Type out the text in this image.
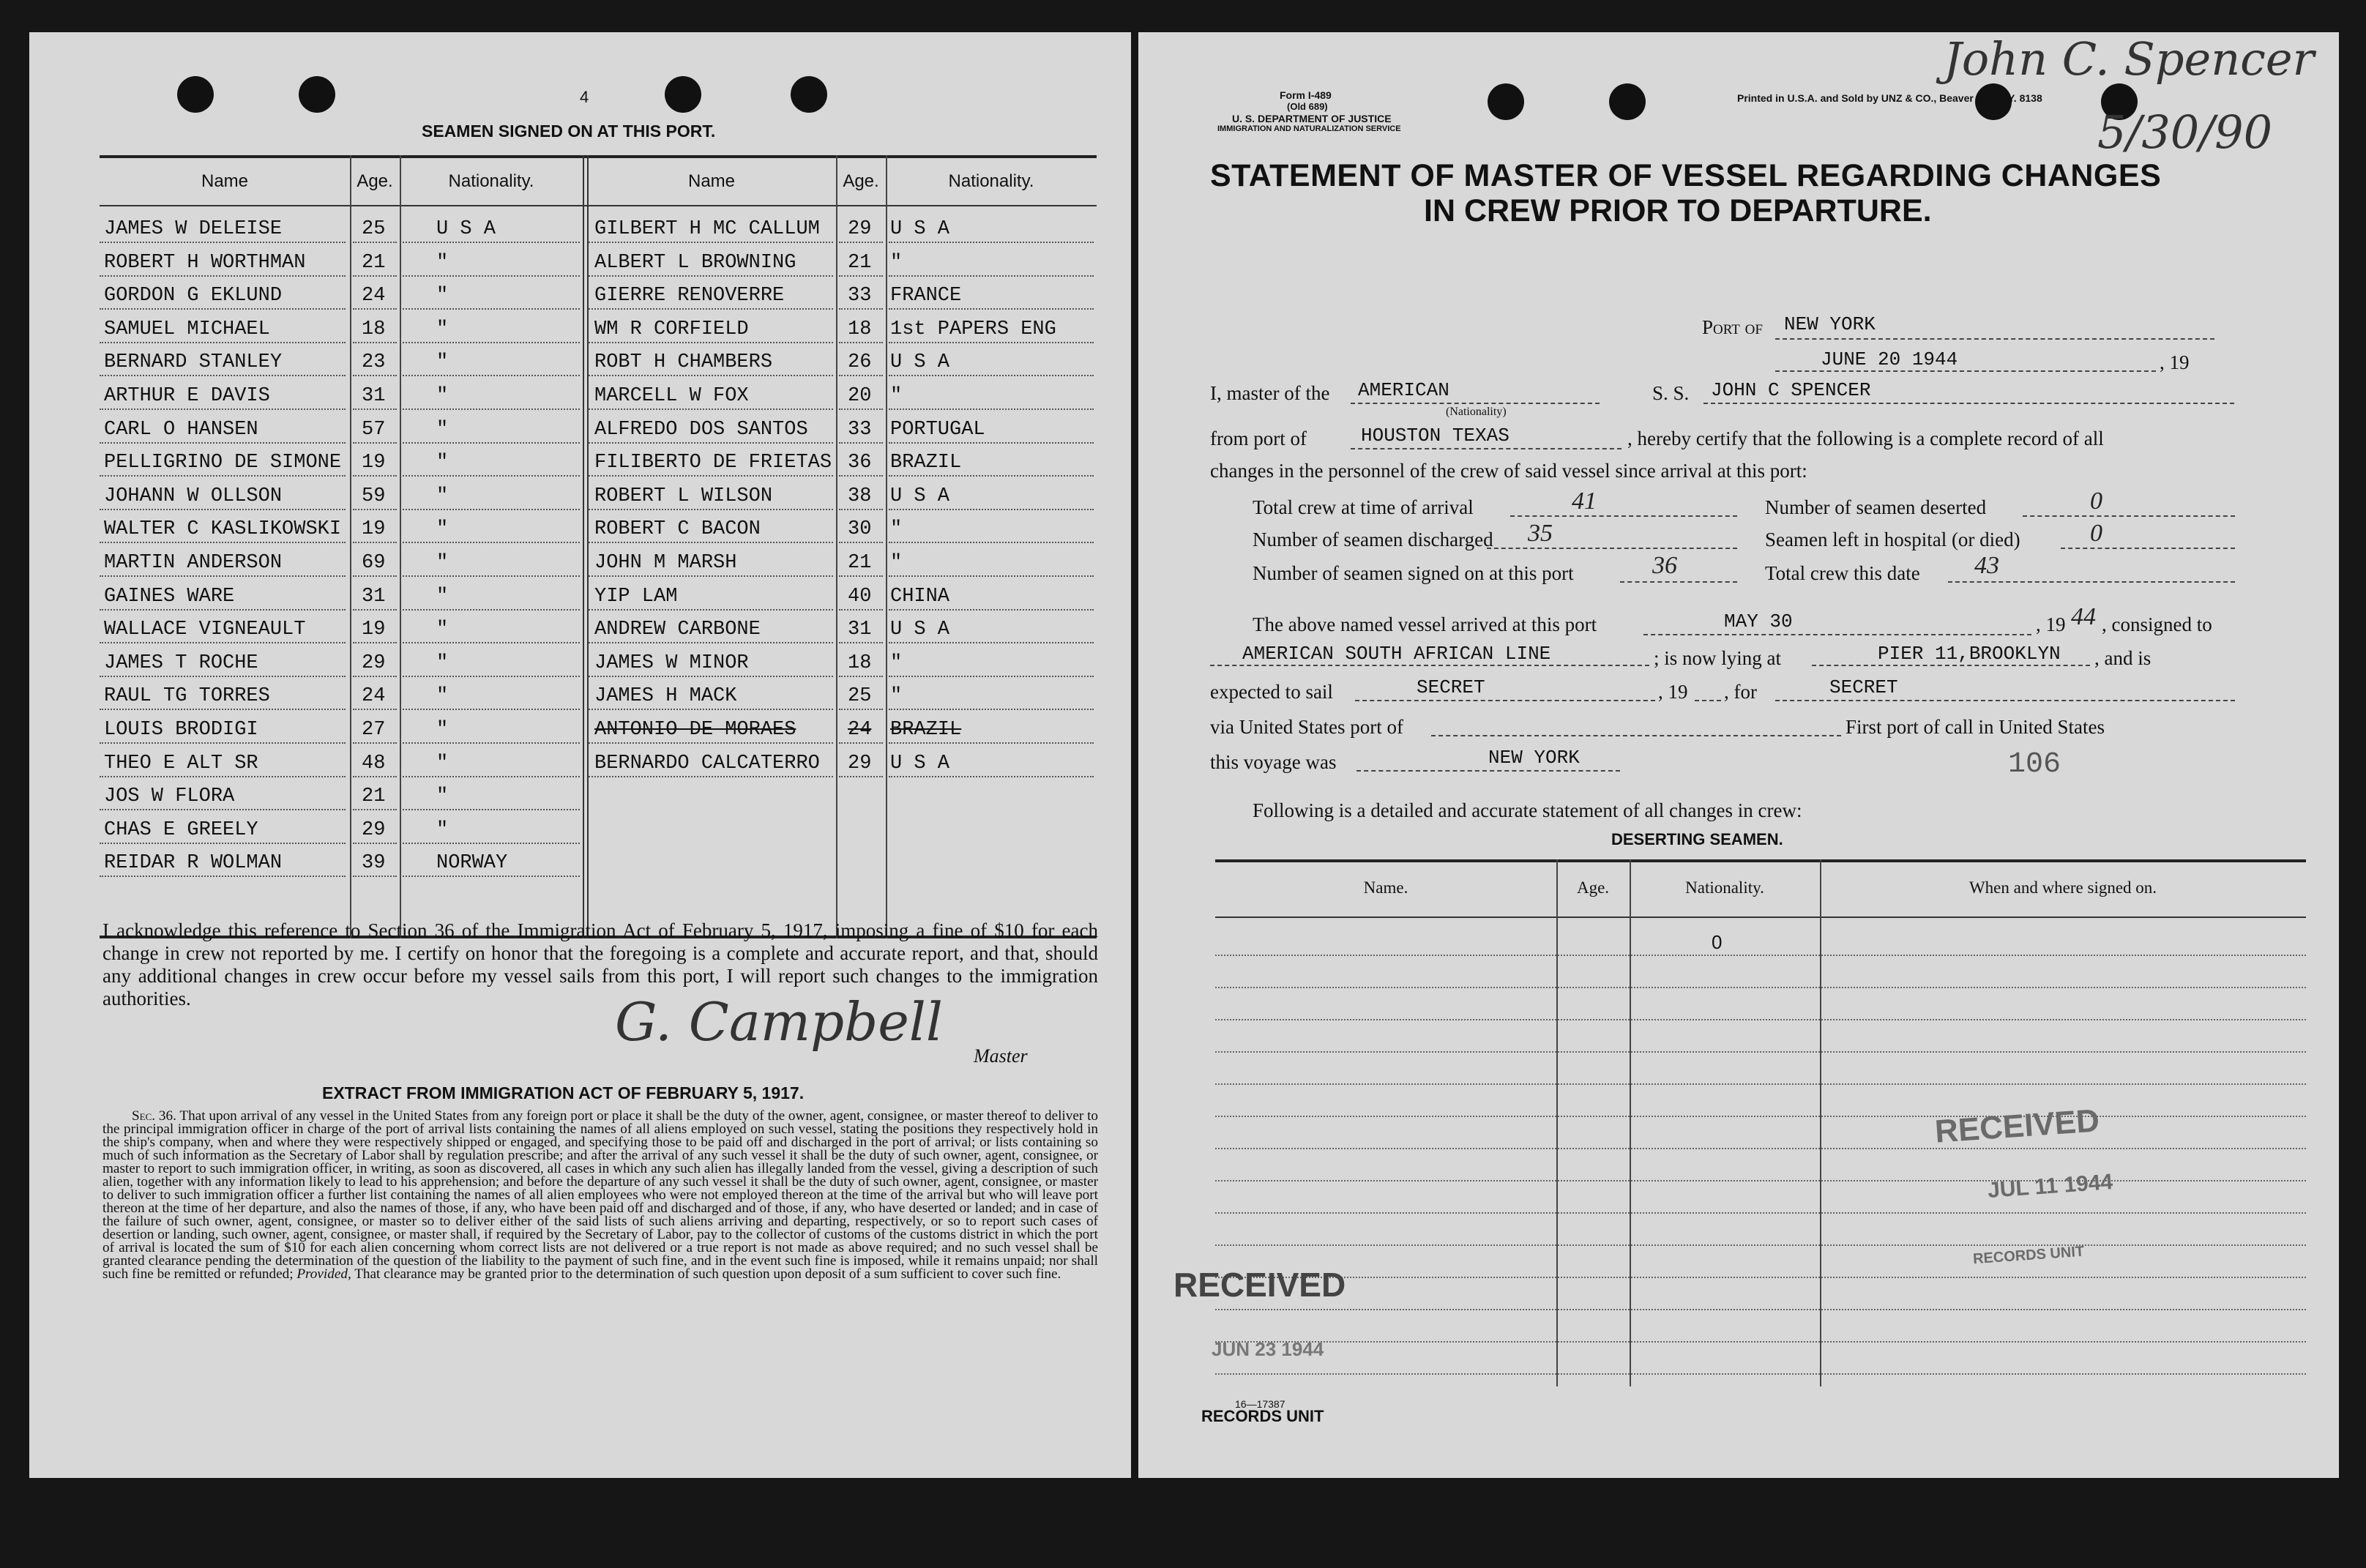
4
SEAMEN SIGNED ON AT THIS PORT.
Name	Age.	Nationality.	Name	Age.	Nationality.
JAMES W DELEISE	25	U S A
ROBERT H WORTHMAN	21	"
GORDON G EKLUND	24	"
SAMUEL MICHAEL	18	"
BERNARD STANLEY	23	"
ARTHUR E DAVIS	31	"
CARL O HANSEN	57	"
PELLIGRINO DE SIMONE 19	"
JOHANN W OLLSON	59	"
WALTER C KASLIKOWSKI 19	"
MARTIN ANDERSON	69	"
GAINES WARE	31	"
WALLACE VIGNEAULT	19	"
JAMES T ROCHE	29	"
RAUL TG TORRES	24	"
LOUIS BRODIGI	27	"
THEO E ALT SR	48	"
JOS W FLORA	21	"
CHAS E GREELY	29	"
REIDAR R WOLMAN	39	NORWAY
GILBERT H MC CALLUM 29 U S A
ALBERT L BROWNING	21 "
GIERRE RENOVERRE	33 FRANCE
WM R CORFIELD	18 1st PAPERS ENG
ROBT H CHAMBERS	26 U S A
MARCELL W FOX	20 "
ALFREDO DOS SANTOS 33 PORTUGAL
FILIBERTO DE FRIETAS 36 BRAZIL
ROBERT L WILSON	38 U S A
ROBERT C BACON	30 "
JOHN M MARSH	21 "
YIP LAM	40 CHINA
ANDREW CARBONE	31 U S A
JAMES W MINOR	18 "
JAMES H MACK	25 "
ANTONIO DE MORAES	24 BRAZIL
BERNARDO CALCATERRO 29 U S A
I acknowledge this reference to Section 36 of the Immigration Act of February 5, 1917, imposing a fine of $10 for each change in crew not reported by me. I certify on honor that the foregoing is a complete and accurate report, and that, should any additional changes in crew occur before my vessel sails from this port, I will report such changes to the immigration authorities.	G. Campbell
Master
EXTRACT FROM IMMIGRATION ACT OF FEBRUARY 5, 1917.
Sec. 36. That upon arrival of any vessel in the United States from any foreign port or place it shall be the duty of the owner, agent, consignee, or master thereof to deliver to the principal immigration officer in charge of the port of arrival lists containing the names of all aliens employed on such vessel, stating the positions they respectively hold in the ship's company, when and where they were respectively shipped or engaged, and specifying those to be paid off and discharged in the port of arrival; or lists containing so much of such information as the Secretary of Labor shall by regulation prescribe; and after the arrival of any such vessel it shall be the duty of such owner, agent, consignee, or master to report to such immigration officer, in writing, as soon as discovered, all cases in which any such alien has illegally landed from the vessel, giving a description of such alien, together with any information likely to lead to his apprehension; and before the departure of any such vessel it shall be the duty of such owner, agent, consignee, or master to deliver to such immigration officer a further list containing the names of all alien employees who were not employed thereon at the time of the arrival but who will leave port thereon at the time of her departure, and also the names of those, if any, who have been paid off and discharged and of those, if any, who have deserted or landed; and in case of the failure of such owner, agent, consignee, or master so to deliver either of the said lists of such aliens arriving and departing, respectively, or so to report such cases of desertion or landing, such owner, agent, consignee, or master shall, if required by the Secretary of Labor, pay to the collector of customs of the customs district in which the port of arrival is located the sum of $10 for each alien concerning whom correct lists are not delivered or a true report is not made as above required; and no such vessel shall be granted clearance pending the determination of the question of the liability to the payment of such fine, and in the event such fine is imposed, while it remains unpaid; nor shall such fine be remitted or refunded; Provided, That clearance may be granted prior to the determination of such question upon deposit of a sum sufficient to cover such fine.
Form I-489
(Old 689)
U. S. DEPARTMENT OF JUSTICE
IMMIGRATION AND NATURALIZATION SERVICE
Printed in U.S.A. and Sold by UNZ & CO., Beaver St., N. Y. 8138
John C. Spencer
5/30/90
STATEMENT OF MASTER OF VESSEL REGARDING CHANGES
IN CREW PRIOR TO DEPARTURE.
Port of NEW YORK
JUNE 20 1944	, 19
I, master of the AMERICAN
(Nationality)
S. S. JOHN C SPENCER
from port of	HOUSTON TEXAS	, hereby certify that the following is a complete record of all
changes in the personnel of the crew of said vessel since arrival at this port:
Total crew at time of arrival	41	Number of seamen deserted	0
Number of seamen discharged 35	Seamen left in hospital (or died)	0
Number of seamen signed on at this port	36	Total crew this date 43
The above named vessel arrived at this port	MAY 30	, 19 44 , consigned to
AMERICAN SOUTH AFRICAN LINE	; is now lying at	PIER 11,BROOKLYN , and is
expected to sail	SECRET	, 19 , for	SECRET
via United States port of	First port of call in United States
this voyage was	NEW YORK	106
Following is a detailed and accurate statement of all changes in crew:
DESERTING SEAMEN.
Name.	Age.	Nationality.	When and where signed on.
0
RECEIVED
JUL 11 1944
RECORDS UNIT
RECEIVED
JUN 23 1944
16—17387
RECORDS UNIT
